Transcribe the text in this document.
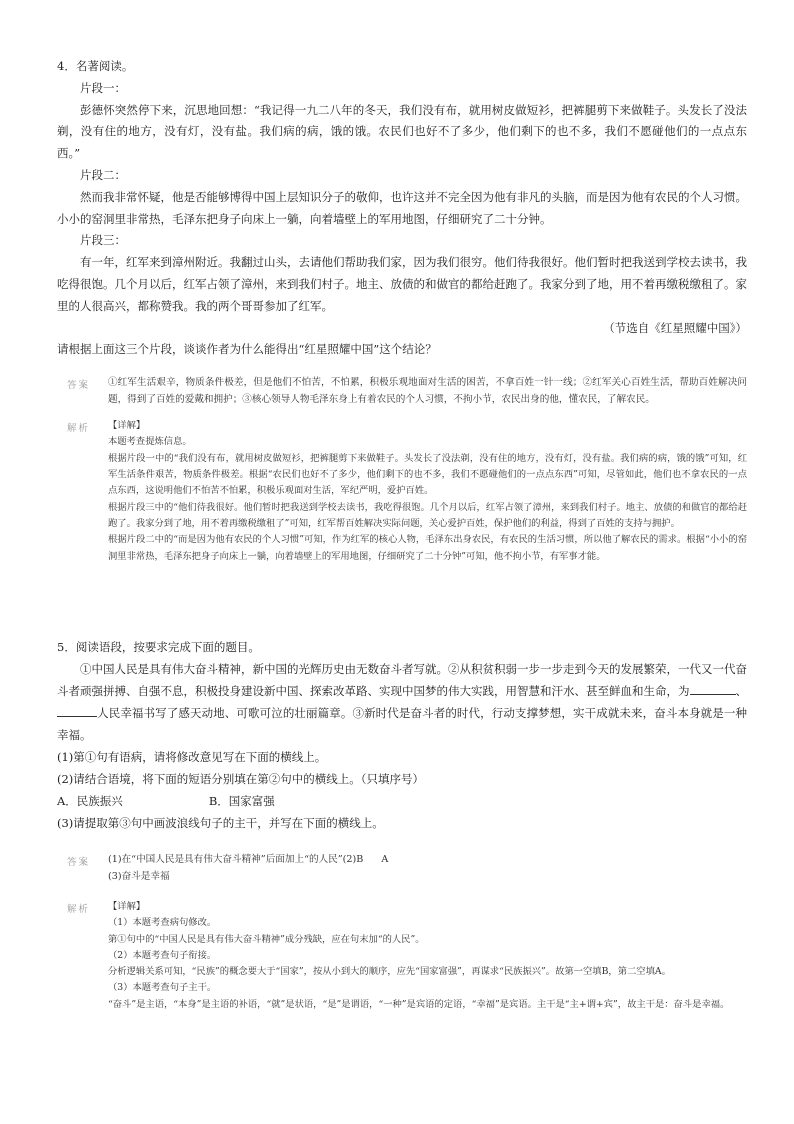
4．名著阅读。

片段一：

彭德怀突然停下来，沉思地回想：“我记得一九二八年的冬天，我们没有布，就用树皮做短衫，把裤腿剪下来做鞋子。头发长了没法剃，没有住的地方，没有灯，没有盐。我们病的病，饿的饿。农民们也好不了多少，他们剩下的也不多，我们不愿碰他们的一点点东西。”

片段二：

然而我非常怀疑，他是否能够博得中国上层知识分子的敬仰，也许这并不完全因为他有非凡的头脑，而是因为他有农民的个人习惯。小小的窑洞里非常热，毛泽东把身子向床上一躺，向着墙壁上的军用地图，仔细研究了二十分钟。

片段三：

有一年，红军来到漳州附近。我翻过山头，去请他们帮助我们家，因为我们很穷。他们待我很好。他们暂时把我送到学校去读书，我吃得很饱。几个月以后，红军占领了漳州，来到我们村子。地主、放债的和做官的都给赶跑了。我家分到了地，用不着再缴税缴租了。家里的人很高兴，都称赞我。我的两个哥哥参加了红军。

（节选自《红星照耀中国》）

请根据上面这三个片段，谈谈作者为什么能得出“红星照耀中国”这个结论？

答案 ①红军生活艰辛，物质条件极差，但是他们不怕苦，不怕累，积极乐观地面对生活的困苦，不拿百姓一针一线；②红军关心百姓生活，帮助百姓解决问题，得到了百姓的爱戴和拥护；③核心领导人物毛泽东身上有着农民的个人习惯，不拘小节，农民出身的他，懂农民，了解农民。
解析 【详解】

本题考查提炼信息。

根据片段一中的“我们没有布，就用树皮做短衫，把裤腿剪下来做鞋子。头发长了没法剃，没有住的地方，没有灯，没有盐。我们病的病，饿的饿”可知，红军生活条件艰苦，物质条件极差。根据“农民们也好不了多少，他们剩下的也不多，我们不愿碰他们的一点点东西”可知，尽管如此，他们也不拿农民的一点点东西，这说明他们不怕苦不怕累，积极乐观面对生活，军纪严明，爱护百姓。

根据片段三中的“他们待我很好。他们暂时把我送到学校去读书，我吃得很饱。几个月以后，红军占领了漳州，来到我们村子。地主、放债的和做官的都给赶跑了。我家分到了地，用不着再缴税缴租了”可知，红军帮百姓解决实际问题，关心爱护百姓，保护他们的利益，得到了百姓的支持与拥护。

根据片段二中的“而是因为他有农民的个人习惯”可知，作为红军的核心人物，毛泽东出身农民，有农民的生活习惯，所以他了解农民的需求。根据“小小的窑洞里非常热，毛泽东把身子向床上一躺，向着墙壁上的军用地图，仔细研究了二十分钟”可知，他不拘小节，有军事才能。

5．阅读语段，按要求完成下面的题目。

①中国人民是具有伟大奋斗精神，新中国的光辉历史由无数奋斗者写就。②从积贫积弱一步一步走到今天的发展繁荣，一代又一代奋斗者顽强拼搏、自强不息，积极投身建设新中国、探索改革路、实现中国梦的伟大实践，用智慧和汗水、甚至鲜血和生命，为	、人民幸福书写了感天动地、可歌可泣的壮丽篇章。③新时代是奋斗者的时代，行动支撑梦想，实干成就未来，奋斗本身就是一种幸福。

(1)第①句有语病，请将修改意见写在下面的横线上。

(2)请结合语境，将下面的短语分别填在第②句中的横线上。（只填序号）

A．民族振兴	B．国家富强

(3)请提取第③句中画波浪线句子的主干，并写在下面的横线上。

答案 (1)在“中国人民是具有伟大奋斗精神”后面加上“的人民”(2)B A

(3)奋斗是幸福

解析 【详解】

（1）本题考查病句修改。

第①句中的“中国人民是具有伟大奋斗精神”成分残缺，应在句末加“的人民”。

（2）本题考查句子衔接。

分析逻辑关系可知，“民族”的概念要大于“国家”，按从小到大的顺序，应先“国家富强”，再谋求“民族振兴”。故第一空填B，第二空填A。

（3）本题考查句子主干。

“奋斗”是主语，“本身”是主语的补语，“就”是状语，“是”是谓语，“一种”是宾语的定语，“幸福”是宾语。主干是“主+谓+宾”，故主干是：奋斗是幸福。
